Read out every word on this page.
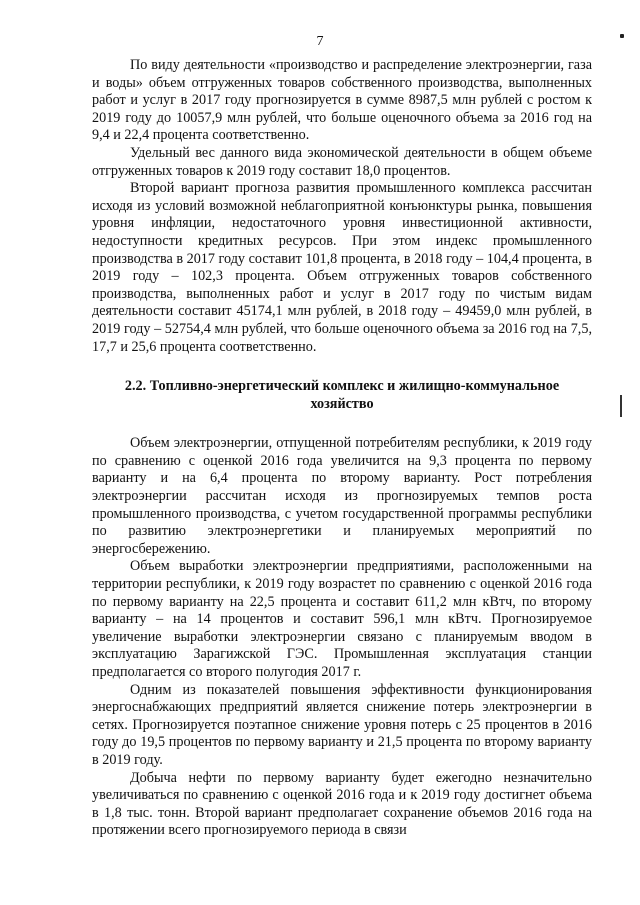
7

По виду деятельности «производство и распределение электроэнергии, газа и воды» объем отгруженных товаров собственного производства, выполненных работ и услуг в 2017 году прогнозируется в сумме 8987,5 млн рублей с ростом к 2019 году до 10057,9 млн рублей, что больше оценочного объема за 2016 год на 9,4 и 22,4 процента соответственно.

Удельный вес данного вида экономической деятельности в общем объеме отгруженных товаров к 2019 году составит 18,0 процентов.

Второй вариант прогноза развития промышленного комплекса рассчитан исходя из условий возможной неблагоприятной конъюнктуры рынка, повышения уровня инфляции, недостаточного уровня инвестиционной активности, недоступности кредитных ресурсов. При этом индекс промышленного производства в 2017 году составит 101,8 процента, в 2018 году – 104,4 процента, в 2019 году – 102,3 процента. Объем отгруженных товаров собственного производства, выполненных работ и услуг в 2017 году по чистым видам деятельности составит 45174,1 млн рублей, в 2018 году – 49459,0 млн рублей, в 2019 году – 52754,4 млн рублей, что больше оценочного объема за 2016 год на 7,5, 17,7 и 25,6 процента соответственно.

2.2. Топливно-энергетический комплекс и жилищно-коммунальное хозяйство

Объем электроэнергии, отпущенной потребителям республики, к 2019 году по сравнению с оценкой 2016 года увеличится на 9,3 процента по первому варианту и на 6,4 процента по второму варианту. Рост потребления электроэнергии рассчитан исходя из прогнозируемых темпов роста промышленного производства, с учетом государственной программы республики по развитию электроэнергетики и планируемых мероприятий по энергосбережению.

Объем выработки электроэнергии предприятиями, расположенными на территории республики, к 2019 году возрастет по сравнению с оценкой 2016 года по первому варианту на 22,5 процента и составит 611,2 млн кВтч, по второму варианту – на 14 процентов и составит 596,1 млн кВтч. Прогнозируемое увеличение выработки электроэнергии связано с планируемым вводом в эксплуатацию Зарагижской ГЭС. Промышленная эксплуатация станции предполагается со второго полугодия 2017 г.

Одним из показателей повышения эффективности функционирования энергоснабжающих предприятий является снижение потерь электроэнергии в сетях. Прогнозируется поэтапное снижение уровня потерь с 25 процентов в 2016 году до 19,5 процентов по первому варианту и 21,5 процента по второму варианту в 2019 году.

Добыча нефти по первому варианту будет ежегодно незначительно увеличиваться по сравнению с оценкой 2016 года и к 2019 году достигнет объема в 1,8 тыс. тонн. Второй вариант предполагает сохранение объемов 2016 года на протяжении всего прогнозируемого периода в связи
